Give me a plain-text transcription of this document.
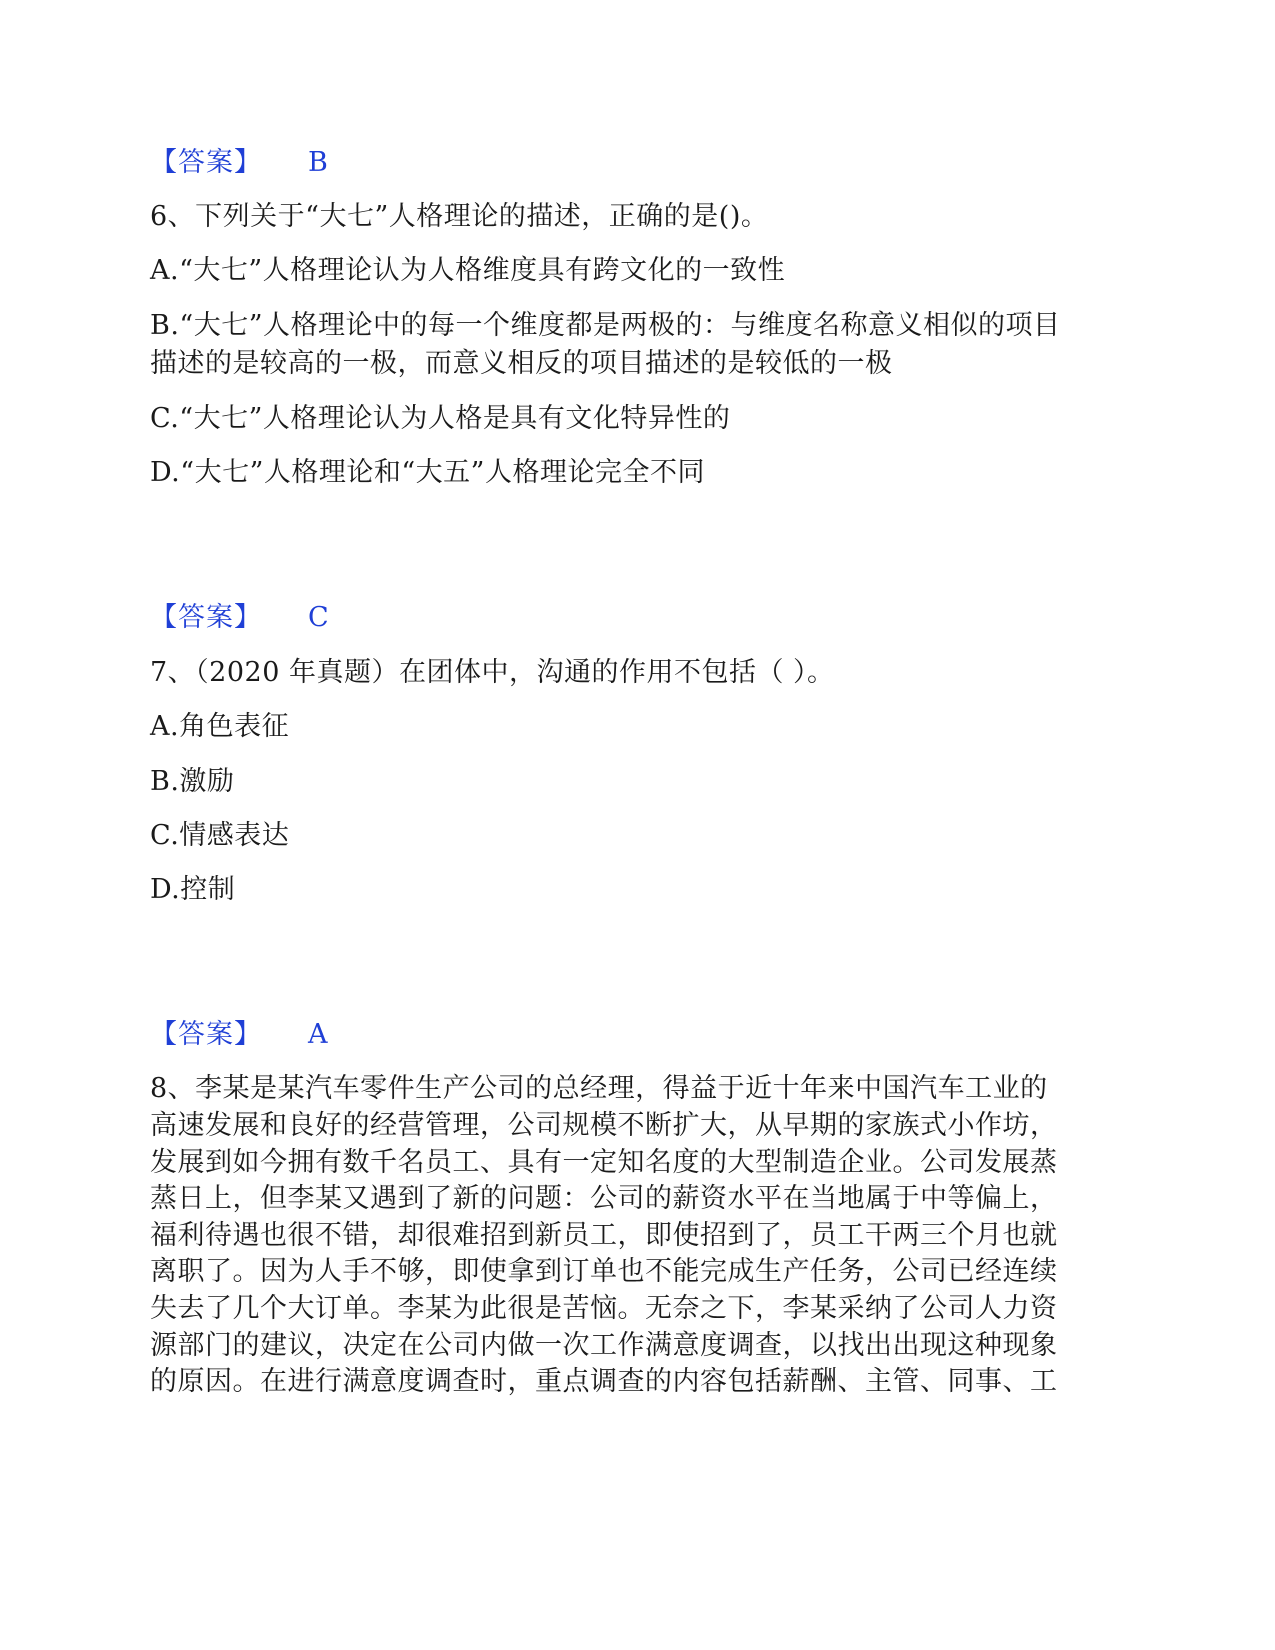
【答案】 B
6、下列关于“大七”人格理论的描述，正确的是()。
A.“大七”人格理论认为人格维度具有跨文化的一致性
B.“大七”人格理论中的每一个维度都是两极的：与维度名称意义相似的项目
描述的是较高的一极，而意义相反的项目描述的是较低的一极
C.“大七”人格理论认为人格是具有文化特异性的
D.“大七”人格理论和“大五”人格理论完全不同
【答案】 C
7、（2020 年真题）在团体中，沟通的作用不包括（ ）。
A.角色表征
B.激励
C.情感表达
D.控制
【答案】 A
8、李某是某汽车零件生产公司的总经理，得益于近十年来中国汽车工业的
高速发展和良好的经营管理，公司规模不断扩大，从早期的家族式小作坊，
发展到如今拥有数千名员工、具有一定知名度的大型制造企业。公司发展蒸
蒸日上，但李某又遇到了新的问题：公司的薪资水平在当地属于中等偏上，
福利待遇也很不错，却很难招到新员工，即使招到了，员工干两三个月也就
离职了。因为人手不够，即使拿到订单也不能完成生产任务，公司已经连续
失去了几个大订单。李某为此很是苦恼。无奈之下，李某采纳了公司人力资
源部门的建议，决定在公司内做一次工作满意度调查，以找出出现这种现象
的原因。在进行满意度调查时，重点调查的内容包括薪酬、主管、同事、工
